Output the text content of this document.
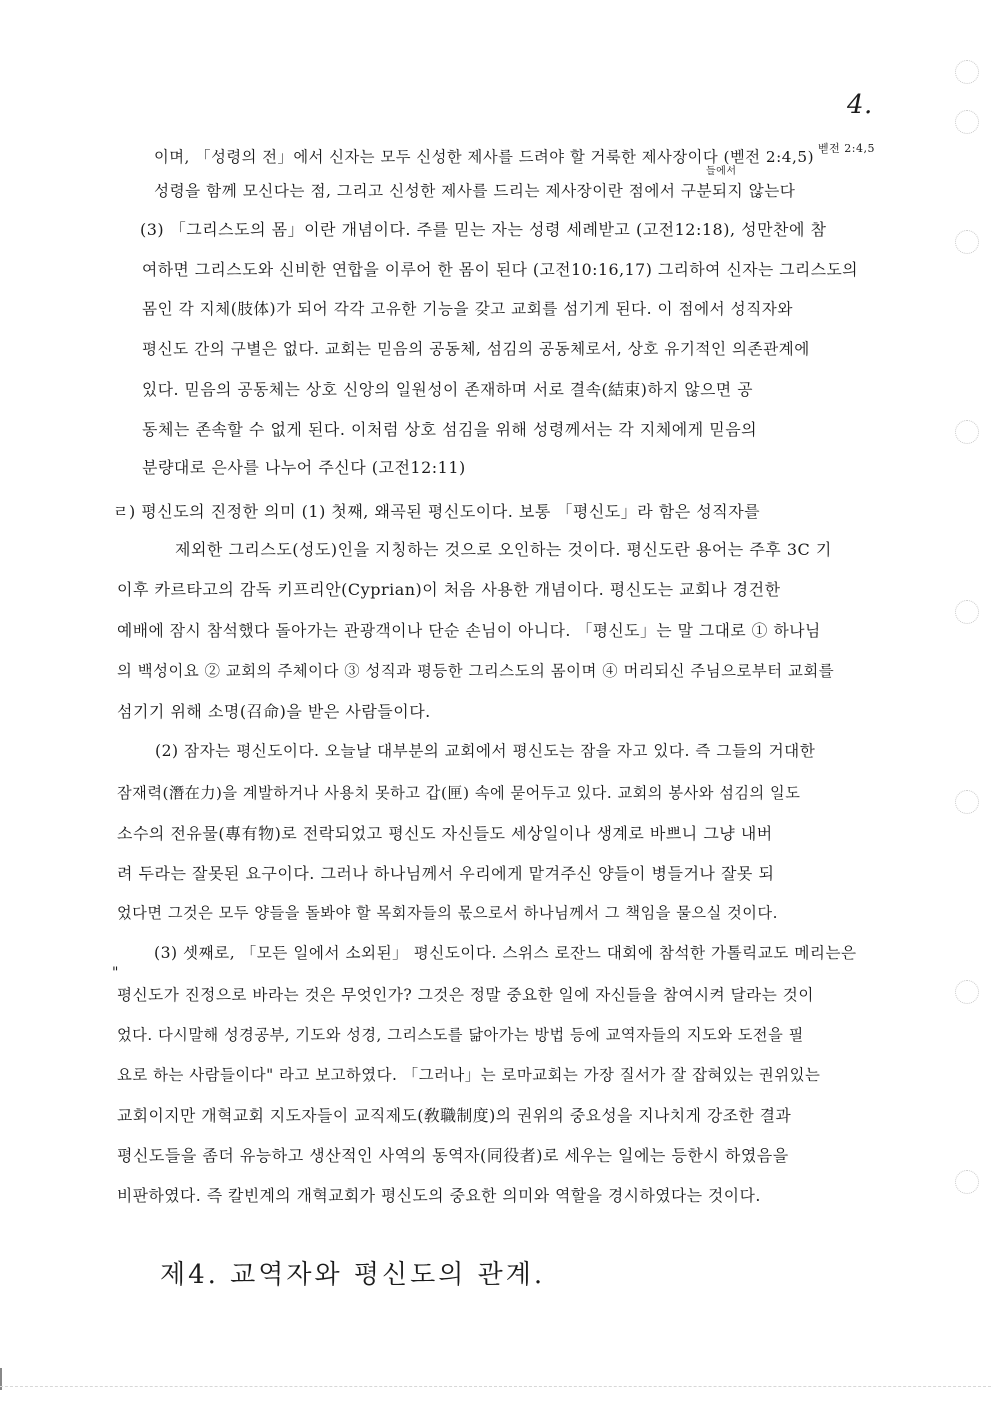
4.
이며, 「성령의 전」에서 신자는 모두 신성한 제사를 드려야 할 거룩한 제사장이다 (벧전 2:4,5) 벧전 2:4,5
들에서
성령을 함께 모신다는 점, 그리고 신성한 제사를 드리는 제사장이란 점에서 구분되지 않는다
(3) 「그리스도의 몸」이란 개념이다. 주를 믿는 자는 성령 세례받고 (고전12:18), 성만찬에 참
여하면 그리스도와 신비한 연합을 이루어 한 몸이 된다 (고전10:16,17) 그리하여 신자는 그리스도의
몸인 각 지체(肢体)가 되어 각각 고유한 기능을 갖고 교회를 섬기게 된다. 이 점에서 성직자와
평신도 간의 구별은 없다. 교회는 믿음의 공동체, 섬김의 공동체로서, 상호 유기적인 의존관계에
있다. 믿음의 공동체는 상호 신앙의 일원성이 존재하며 서로 결속(結束)하지 않으면 공
동체는 존속할 수 없게 된다. 이처럼 상호 섬김을 위해 성령께서는 각 지체에게 믿음의
분량대로 은사를 나누어 주신다 (고전12:11)
ㄹ) 평신도의 진정한 의미 (1) 첫째, 왜곡된 평신도이다. 보통 「평신도」라 함은 성직자를
제외한 그리스도(성도)인을 지칭하는 것으로 오인하는 것이다. 평신도란 용어는 주후 3C 기
이후 카르타고의 감독 키프리안(Cyprian)이 처음 사용한 개념이다. 평신도는 교회나 경건한
예배에 잠시 참석했다 돌아가는 관광객이나 단순 손님이 아니다. 「평신도」는 말 그대로 ① 하나님
의 백성이요 ② 교회의 주체이다 ③ 성직과 평등한 그리스도의 몸이며 ④ 머리되신 주님으로부터 교회를
섬기기 위해 소명(召命)을 받은 사람들이다.
(2) 잠자는 평신도이다. 오늘날 대부분의 교회에서 평신도는 잠을 자고 있다. 즉 그들의 거대한
잠재력(潛在力)을 계발하거나 사용치 못하고 갑(匣) 속에 묻어두고 있다. 교회의 봉사와 섬김의 일도
소수의 전유물(專有物)로 전락되었고 평신도 자신들도 세상일이나 생계로 바쁘니 그냥 내버
려 두라는 잘못된 요구이다. 그러나 하나님께서 우리에게 맡겨주신 양들이 병들거나 잘못 되
었다면 그것은 모두 양들을 돌봐야 할 목회자들의 몫으로서 하나님께서 그 책임을 물으실 것이다.
(3) 셋째로, 「모든 일에서 소외된」 평신도이다. 스위스 로잔느 대회에 참석한 가톨릭교도 메리는은
"
평신도가 진정으로 바라는 것은 무엇인가? 그것은 정말 중요한 일에 자신들을 참여시켜 달라는 것이
었다. 다시말해 성경공부, 기도와 성경, 그리스도를 닮아가는 방법 등에 교역자들의 지도와 도전을 필
요로 하는 사람들이다" 라고 보고하였다. 「그러나」는 로마교회는 가장 질서가 잘 잡혀있는 권위있는
교회이지만 개혁교회 지도자들이 교직제도(敎職制度)의 권위의 중요성을 지나치게 강조한 결과
평신도들을 좀더 유능하고 생산적인 사역의 동역자(同役者)로 세우는 일에는 등한시 하였음을
비판하였다. 즉 칼빈계의 개혁교회가 평신도의 중요한 의미와 역할을 경시하였다는 것이다.
제4. 교역자와 평신도의 관계.
